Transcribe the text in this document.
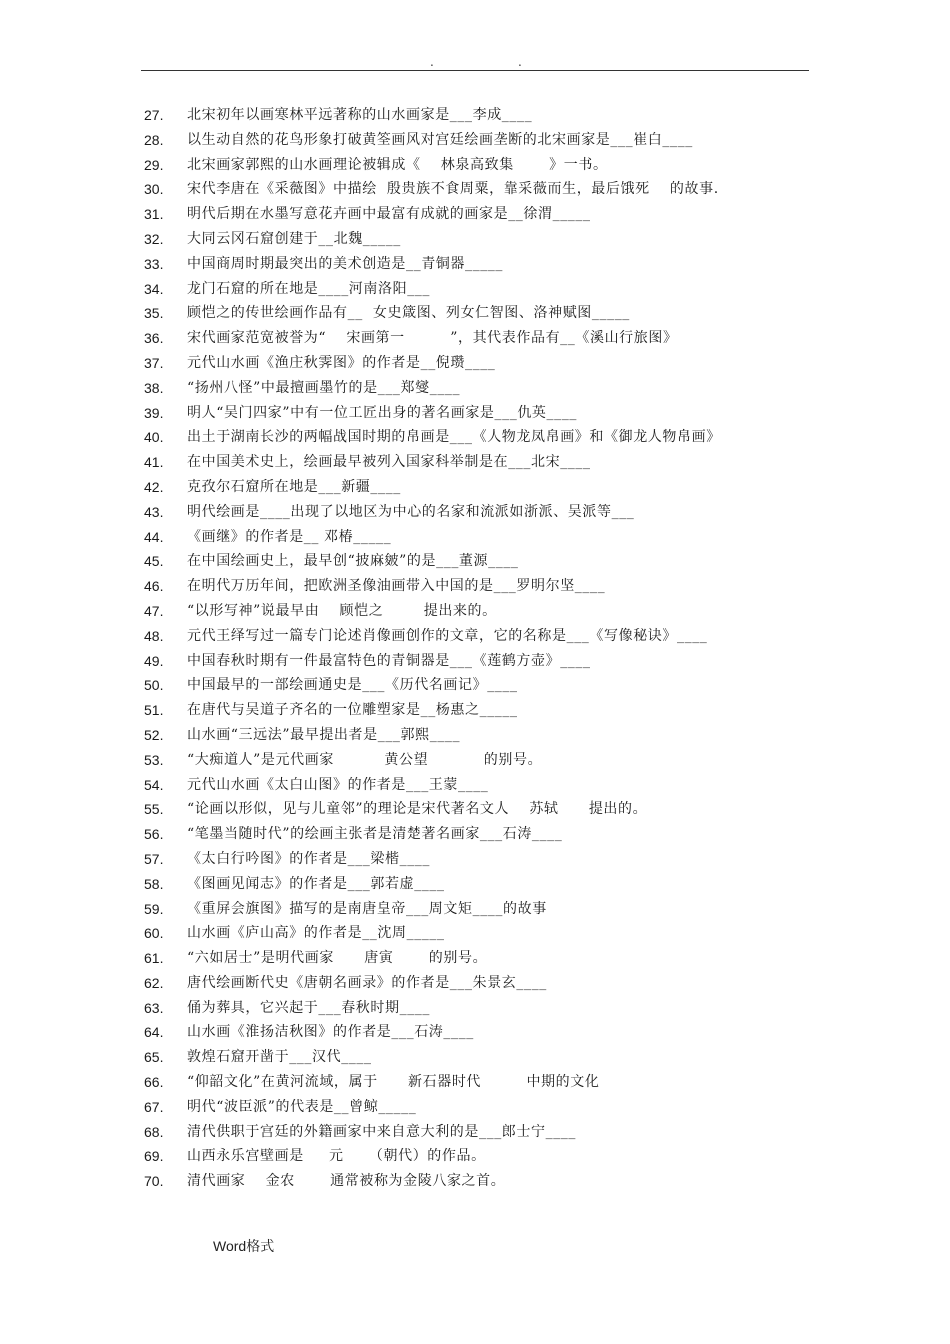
.	.
27. 北宋初年以画寒林平远著称的山水画家是___李成____
28. 以生动自然的花鸟形象打破黄筌画风对宫廷绘画垄断的北宋画家是___崔白____
29. 北宋画家郭熙的山水画理论被辑成《    林泉高致集       》一书。
30. 宋代李唐在《采薇图》中描绘  殷贵族不食周粟，靠采薇而生，最后饿死    的故事.
31. 明代后期在水墨写意花卉画中最富有成就的画家是__徐渭_____
32. 大同云冈石窟创建于__北魏_____
33. 中国商周时期最突出的美术创造是__青铜器_____
34. 龙门石窟的所在地是____河南洛阳___
35. 顾恺之的传世绘画作品有__  女史箴图、列女仁智图、洛神赋图_____
36. 宋代画家范宽被誉为“    宋画第一         ”，其代表作品有__《溪山行旅图》
37. 元代山水画《渔庄秋霁图》的作者是__倪瓒____
38. “扬州八怪”中最擅画墨竹的是___郑燮____
39. 明人“吴门四家”中有一位工匠出身的著名画家是___仇英____
40. 出土于湖南长沙的两幅战国时期的帛画是___《人物龙凤帛画》和《御龙人物帛画》
41. 在中国美术史上，绘画最早被列入国家科举制是在___北宋____
42. 克孜尔石窟所在地是___新疆____
43. 明代绘画是____出现了以地区为中心的名家和流派如浙派、吴派等___
44. 《画继》的作者是__ 邓椿_____
45. 在中国绘画史上，最早创“披麻皴”的是___董源____
46. 在明代万历年间，把欧洲圣像油画带入中国的是___罗明尔坚____
47. “以形写神”说最早由    顾恺之        提出来的。
48. 元代王绎写过一篇专门论述肖像画创作的文章，它的名称是___《写像秘诀》____
49. 中国春秋时期有一件最富特色的青铜器是___《莲鹤方壶》____
50. 中国最早的一部绘画通史是___《历代名画记》____
51. 在唐代与吴道子齐名的一位雕塑家是__杨惠之_____
52. 山水画“三远法”最早提出者是___郭熙____
53. “大痴道人”是元代画家          黄公望           的别号。
54. 元代山水画《太白山图》的作者是___王蒙____
55. “论画以形似，见与儿童邻”的理论是宋代著名文人    苏轼      提出的。
56. “笔墨当随时代”的绘画主张者是清楚著名画家___石涛____
57. 《太白行吟图》的作者是___梁楷____
58. 《图画见闻志》的作者是___郭若虚____
59. 《重屏会旗图》描写的是南唐皇帝___周文矩____的故事
60. 山水画《庐山高》的作者是__沈周_____
61. “六如居士”是明代画家      唐寅       的别号。
62. 唐代绘画断代史《唐朝名画录》的作者是___朱景玄____
63. 俑为葬具，它兴起于___春秋时期____
64. 山水画《淮扬洁秋图》的作者是___石涛____
65. 敦煌石窟开凿于___汉代____
66. “仰韶文化”在黄河流域，属于      新石器时代         中期的文化
67. 明代“波臣派”的代表是__曾鲸_____
68. 清代供职于宫廷的外籍画家中来自意大利的是___郎士宁____
69. 山西永乐宫壁画是     元     （朝代）的作品。
70. 清代画家    金农       通常被称为金陵八家之首。
Word格式
